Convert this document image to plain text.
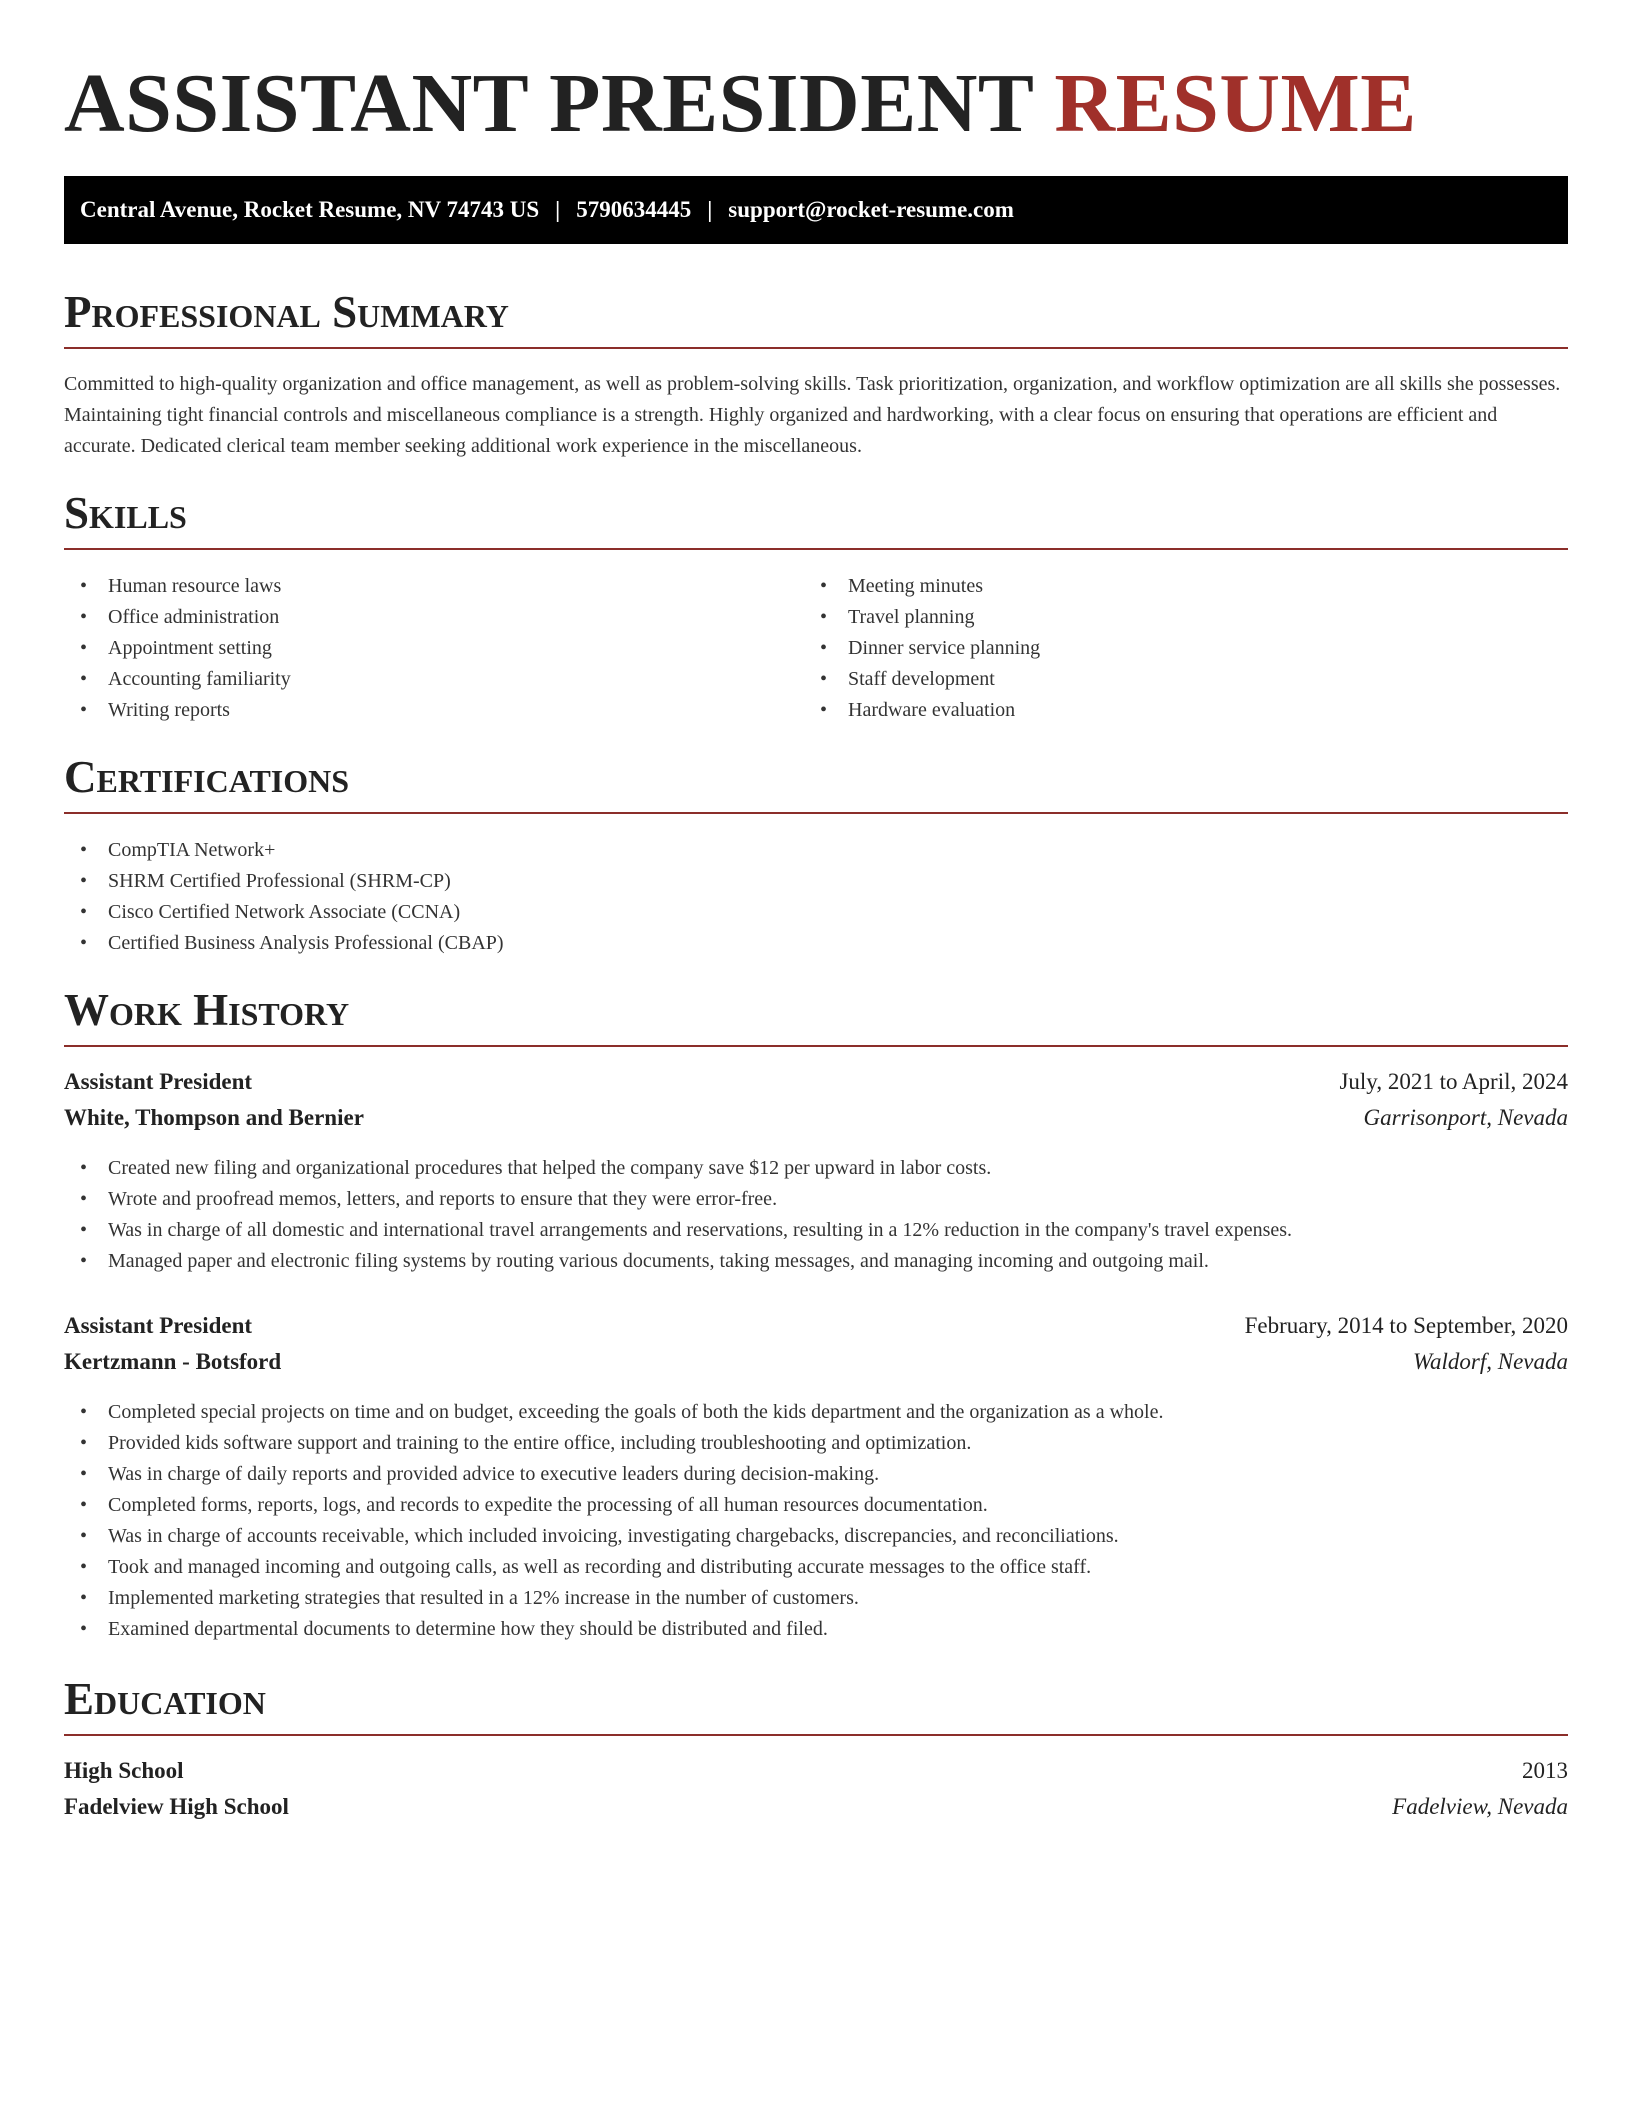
ASSISTANT PRESIDENT RESUME
Central Avenue, Rocket Resume, NV 74743 US | 5790634445 | support@rocket-resume.com
Professional Summary

Committed to high-quality organization and office management, as well as problem-solving skills. Task prioritization, organization, and workflow optimization are all skills she possesses. Maintaining tight financial controls and miscellaneous compliance is a strength. Highly organized and hardworking, with a clear focus on ensuring that operations are efficient and accurate. Dedicated clerical team member seeking additional work experience in the miscellaneous.

Skills
• Human resource laws
• Office administration
• Appointment setting
• Accounting familiarity
• Writing reports
• Meeting minutes
• Travel planning
• Dinner service planning
• Staff development
• Hardware evaluation
Certifications
• CompTIA Network+
• SHRM Certified Professional (SHRM-CP)
• Cisco Certified Network Associate (CCNA)
• Certified Business Analysis Professional (CBAP)
Work History
Assistant President	July, 2021 to April, 2024
White, Thompson and Bernier	Garrisonport, Nevada
• Created new filing and organizational procedures that helped the company save $12 per upward in labor costs.
• Wrote and proofread memos, letters, and reports to ensure that they were error-free.
• Was in charge of all domestic and international travel arrangements and reservations, resulting in a 12% reduction in the company's travel expenses.
• Managed paper and electronic filing systems by routing various documents, taking messages, and managing incoming and outgoing mail.
Assistant President	February, 2014 to September, 2020
Kertzmann - Botsford	Waldorf, Nevada
• Completed special projects on time and on budget, exceeding the goals of both the kids department and the organization as a whole.
• Provided kids software support and training to the entire office, including troubleshooting and optimization.
• Was in charge of daily reports and provided advice to executive leaders during decision-making.
• Completed forms, reports, logs, and records to expedite the processing of all human resources documentation.
• Was in charge of accounts receivable, which included invoicing, investigating chargebacks, discrepancies, and reconciliations.
• Took and managed incoming and outgoing calls, as well as recording and distributing accurate messages to the office staff.
• Implemented marketing strategies that resulted in a 12% increase in the number of customers.
• Examined departmental documents to determine how they should be distributed and filed.
Education
High School	2013
Fadelview High School	Fadelview, Nevada
